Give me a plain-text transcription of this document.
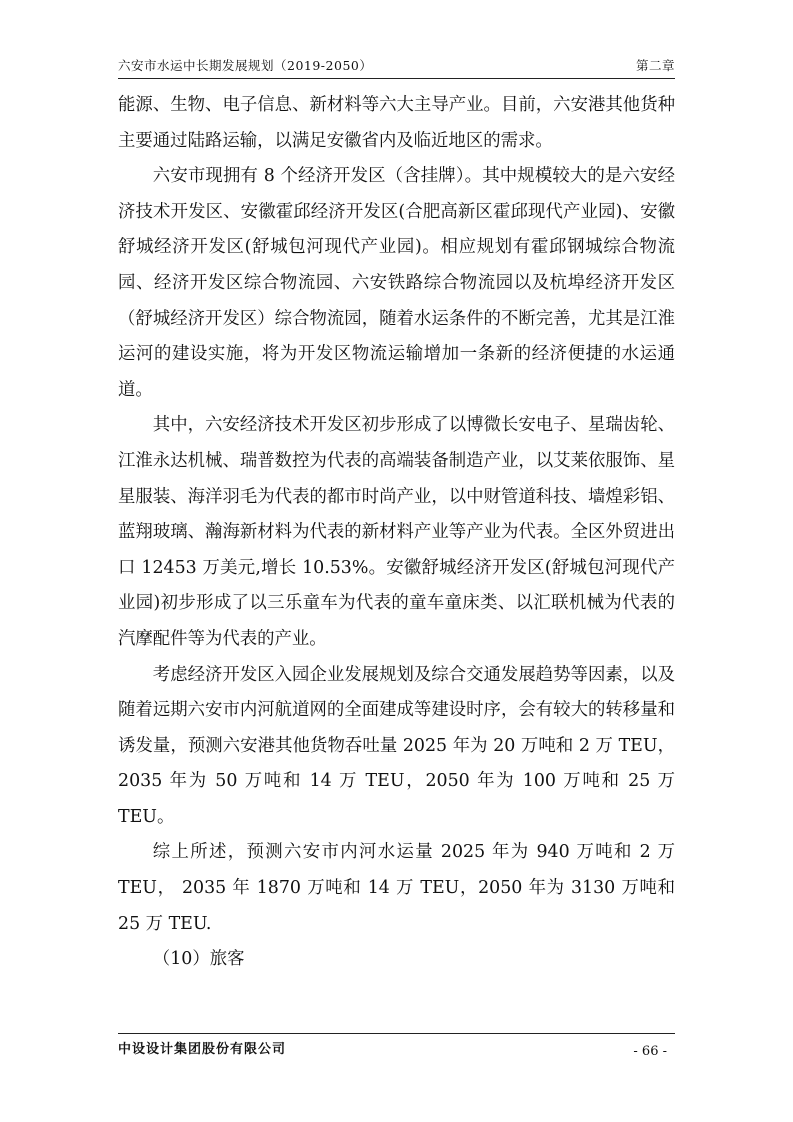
六安市水运中长期发展规划（2019-2050）	第二章

能源、生物、电子信息、新材料等六大主导产业。目前，六安港其他货种主要通过陆路运输，以满足安徽省内及临近地区的需求。

六安市现拥有 8 个经济开发区（含挂牌）。其中规模较大的是六安经济技术开发区、安徽霍邱经济开发区(合肥高新区霍邱现代产业园)、安徽舒城经济开发区(舒城包河现代产业园)。相应规划有霍邱钢城综合物流园、经济开发区综合物流园、六安铁路综合物流园以及杭埠经济开发区（舒城经济开发区）综合物流园，随着水运条件的不断完善，尤其是江淮运河的建设实施，将为开发区物流运输增加一条新的经济便捷的水运通道。

其中，六安经济技术开发区初步形成了以博微长安电子、星瑞齿轮、江淮永达机械、瑞普数控为代表的高端装备制造产业，以艾莱依服饰、星星服装、海洋羽毛为代表的都市时尚产业，以中财管道科技、墙煌彩铝、蓝翔玻璃、瀚海新材料为代表的新材料产业等产业为代表。全区外贸进出口 12453 万美元,增长 10.53%。安徽舒城经济开发区(舒城包河现代产业园)初步形成了以三乐童车为代表的童车童床类、以汇联机械为代表的汽摩配件等为代表的产业。

考虑经济开发区入园企业发展规划及综合交通发展趋势等因素，以及随着远期六安市内河航道网的全面建成等建设时序，会有较大的转移量和诱发量，预测六安港其他货物吞吐量 2025 年为 20 万吨和 2 万 TEU，2035 年为 50 万吨和 14 万 TEU，2050 年为 100 万吨和 25 万 TEU。

综上所述，预测六安市内河水运量 2025 年为 940 万吨和 2 万 TEU， 2035 年 1870 万吨和 14 万 TEU，2050 年为 3130 万吨和 25 万 TEU.

（10）旅客

中设设计集团股份有限公司	- 66 -
